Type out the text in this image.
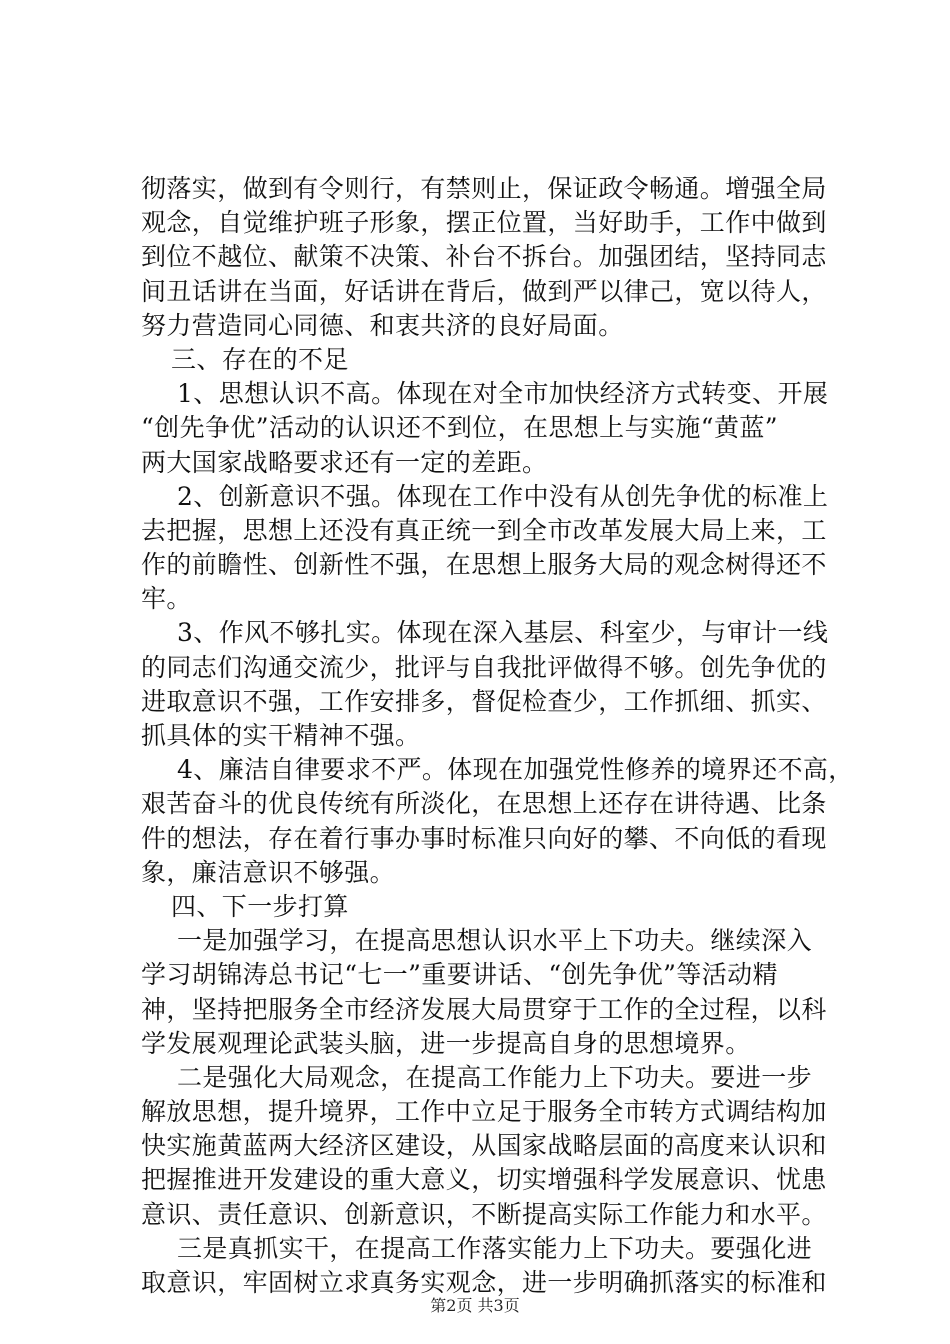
彻落实，做到有令则行，有禁则止，保证政令畅通。增强全局
观念，自觉维护班子形象，摆正位置，当好助手，工作中做到
到位不越位、献策不决策、补台不拆台。加强团结，坚持同志
间丑话讲在当面，好话讲在背后，做到严以律己，宽以待人，
努力营造同心同德、和衷共济的良好局面。
三、存在的不足
1、思想认识不高。体现在对全市加快经济方式转变、开展
“创先争优”活动的认识还不到位，在思想上与实施“黄蓝”
两大国家战略要求还有一定的差距。
2、创新意识不强。体现在工作中没有从创先争优的标准上
去把握，思想上还没有真正统一到全市改革发展大局上来，工
作的前瞻性、创新性不强，在思想上服务大局的观念树得还不
牢。
3、作风不够扎实。体现在深入基层、科室少，与审计一线
的同志们沟通交流少，批评与自我批评做得不够。创先争优的
进取意识不强，工作安排多，督促检查少，工作抓细、抓实、
抓具体的实干精神不强。
4、廉洁自律要求不严。体现在加强党性修养的境界还不高，
艰苦奋斗的优良传统有所淡化，在思想上还存在讲待遇、比条
件的想法，存在着行事办事时标准只向好的攀、不向低的看现
象，廉洁意识不够强。
四、下一步打算
一是加强学习，在提高思想认识水平上下功夫。继续深入
学习胡锦涛总书记“七一”重要讲话、“创先争优”等活动精
神，坚持把服务全市经济发展大局贯穿于工作的全过程，以科
学发展观理论武装头脑，进一步提高自身的思想境界。
二是强化大局观念，在提高工作能力上下功夫。要进一步
解放思想，提升境界，工作中立足于服务全市转方式调结构加
快实施黄蓝两大经济区建设，从国家战略层面的高度来认识和
把握推进开发建设的重大意义，切实增强科学发展意识、忧患
意识、责任意识、创新意识，不断提高实际工作能力和水平。
三是真抓实干，在提高工作落实能力上下功夫。要强化进
取意识，牢固树立求真务实观念，进一步明确抓落实的标准和
第2页 共3页
